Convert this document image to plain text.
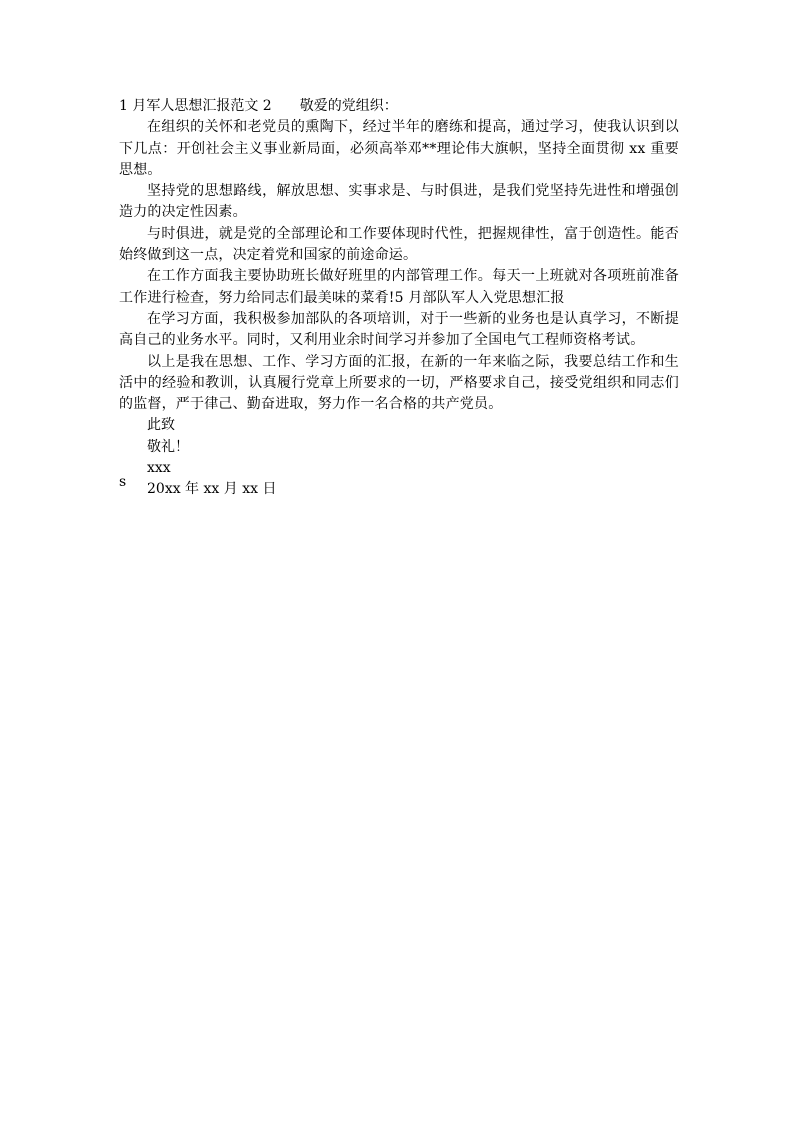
1 月军人思想汇报范文 2 敬爱的党组织：

在组织的关怀和老党员的熏陶下，经过半年的磨练和提高，通过学习，使我认识到以下几点：开创社会主义事业新局面，必须高举邓**理论伟大旗帜，坚持全面贯彻 xx 重要思想。

坚持党的思想路线，解放思想、实事求是、与时俱进，是我们党坚持先进性和增强创造力的决定性因素。

与时俱进，就是党的全部理论和工作要体现时代性，把握规律性，富于创造性。能否始终做到这一点，决定着党和国家的前途命运。

在工作方面我主要协助班长做好班里的内部管理工作。每天一上班就对各项班前准备工作进行检查，努力给同志们最美味的菜肴!5 月部队军人入党思想汇报

在学习方面，我积极参加部队的各项培训，对于一些新的业务也是认真学习，不断提高自己的业务水平。同时，又利用业余时间学习并参加了全国电气工程师资格考试。

以上是我在思想、工作、学习方面的汇报，在新的一年来临之际，我要总结工作和生活中的经验和教训，认真履行党章上所要求的一切，严格要求自己，接受党组织和同志们的监督，严于律己、勤奋进取，努力作一名合格的共产党员。

此致

敬礼！

xxx

20xx 年 xx 月 xx 日

s
